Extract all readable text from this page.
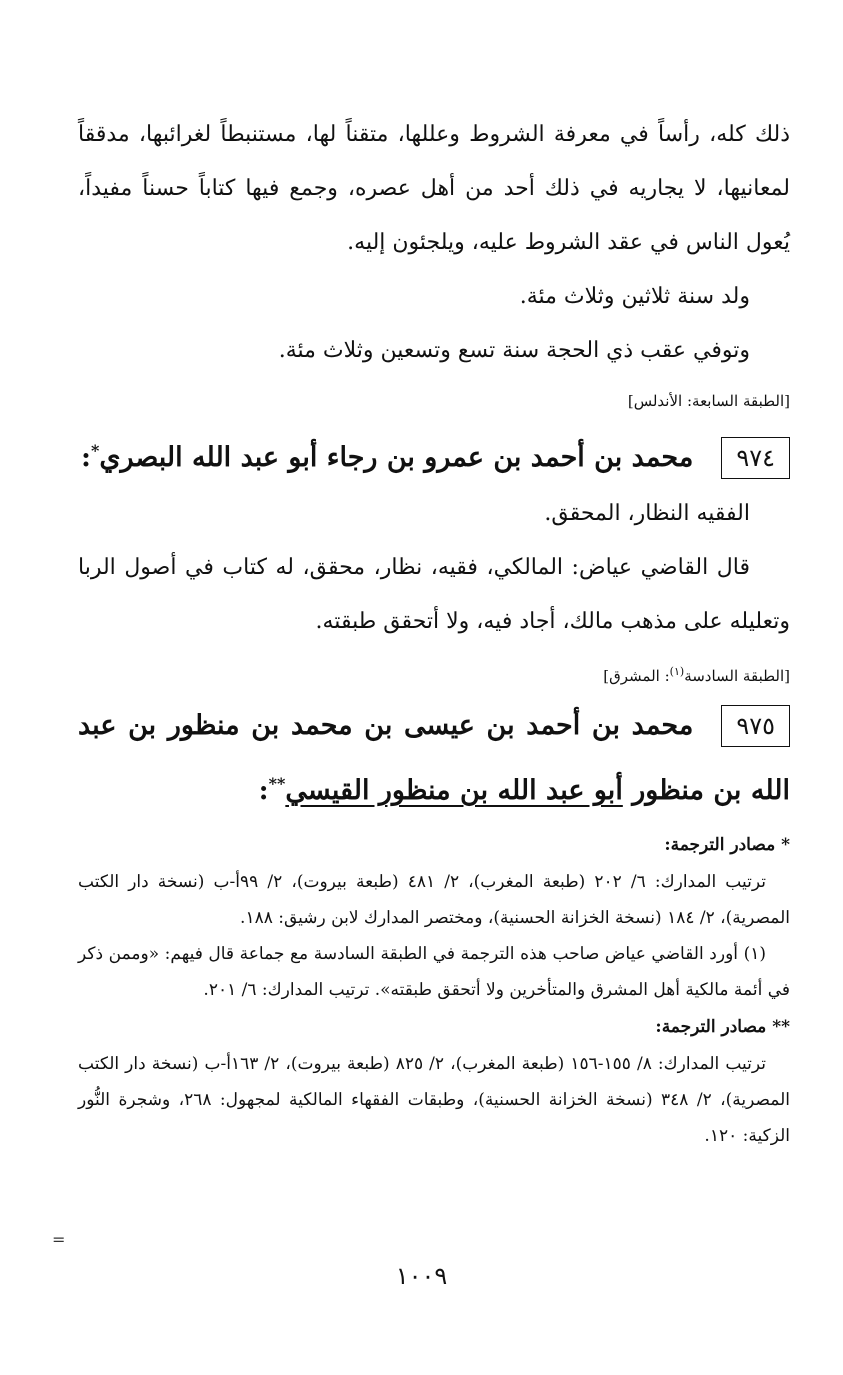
ذلك كله، رأساً في معرفة الشروط وعللها، متقناً لها، مستنبطاً لغرائبها، مدققاً لمعانيها، لا يجاريه في ذلك أحد من أهل عصره، وجمع فيها كتاباً حسناً مفيداً، يُعول الناس في عقد الشروط عليه، ويلجئون إليه.

ولد سنة ثلاثين وثلاث مئة.

وتوفي عقب ذي الحجة سنة تسع وتسعين وثلاث مئة.

[الطبقة السابعة: الأندلس]

٩٧٤محمد بن أحمد بن عمرو بن رجاء أبو عبد الله البصري*:

الفقيه النظار، المحقق.

قال القاضي عياض: المالكي، فقيه، نظار، محقق، له كتاب في أصول الربا وتعليله على مذهب مالك، أجاد فيه، ولا أتحقق طبقته.

[الطبقة السادسة$^{(١)}$: المشرق]

٩٧٥محمد بن أحمد بن عيسى بن محمد بن منظور بن عبد الله بن منظور أبو عبد الله بن منظور القيسي**:

* مصادر الترجمة:

ترتيب المدارك: ٦/ ٢٠٢ (طبعة المغرب)، ٢/ ٤٨١ (طبعة بيروت)، ٢/ ٩٩أ-ب (نسخة دار الكتب المصرية)، ٢/ ١٨٤ (نسخة الخزانة الحسنية)، ومختصر المدارك لابن رشيق: ١٨٨.

(١) أورد القاضي عياض صاحب هذه الترجمة في الطبقة السادسة مع جماعة قال فيهم: «وممن ذكر في أئمة مالكية أهل المشرق والمتأخرين ولا أتحقق طبقته». ترتيب المدارك: ٦/ ٢٠١.

** مصادر الترجمة:

ترتيب المدارك: ٨/ ١٥٥-١٥٦ (طبعة المغرب)، ٢/ ٨٢٥ (طبعة بيروت)، ٢/ ١٦٣أ-ب (نسخة دار الكتب المصرية)، ٢/ ٣٤٨ (نسخة الخزانة الحسنية)، وطبقات الفقهاء المالكية لمجهول: ٢٦٨، وشجرة النُّور الزكية: ١٢٠.

=
١٠٠٩
